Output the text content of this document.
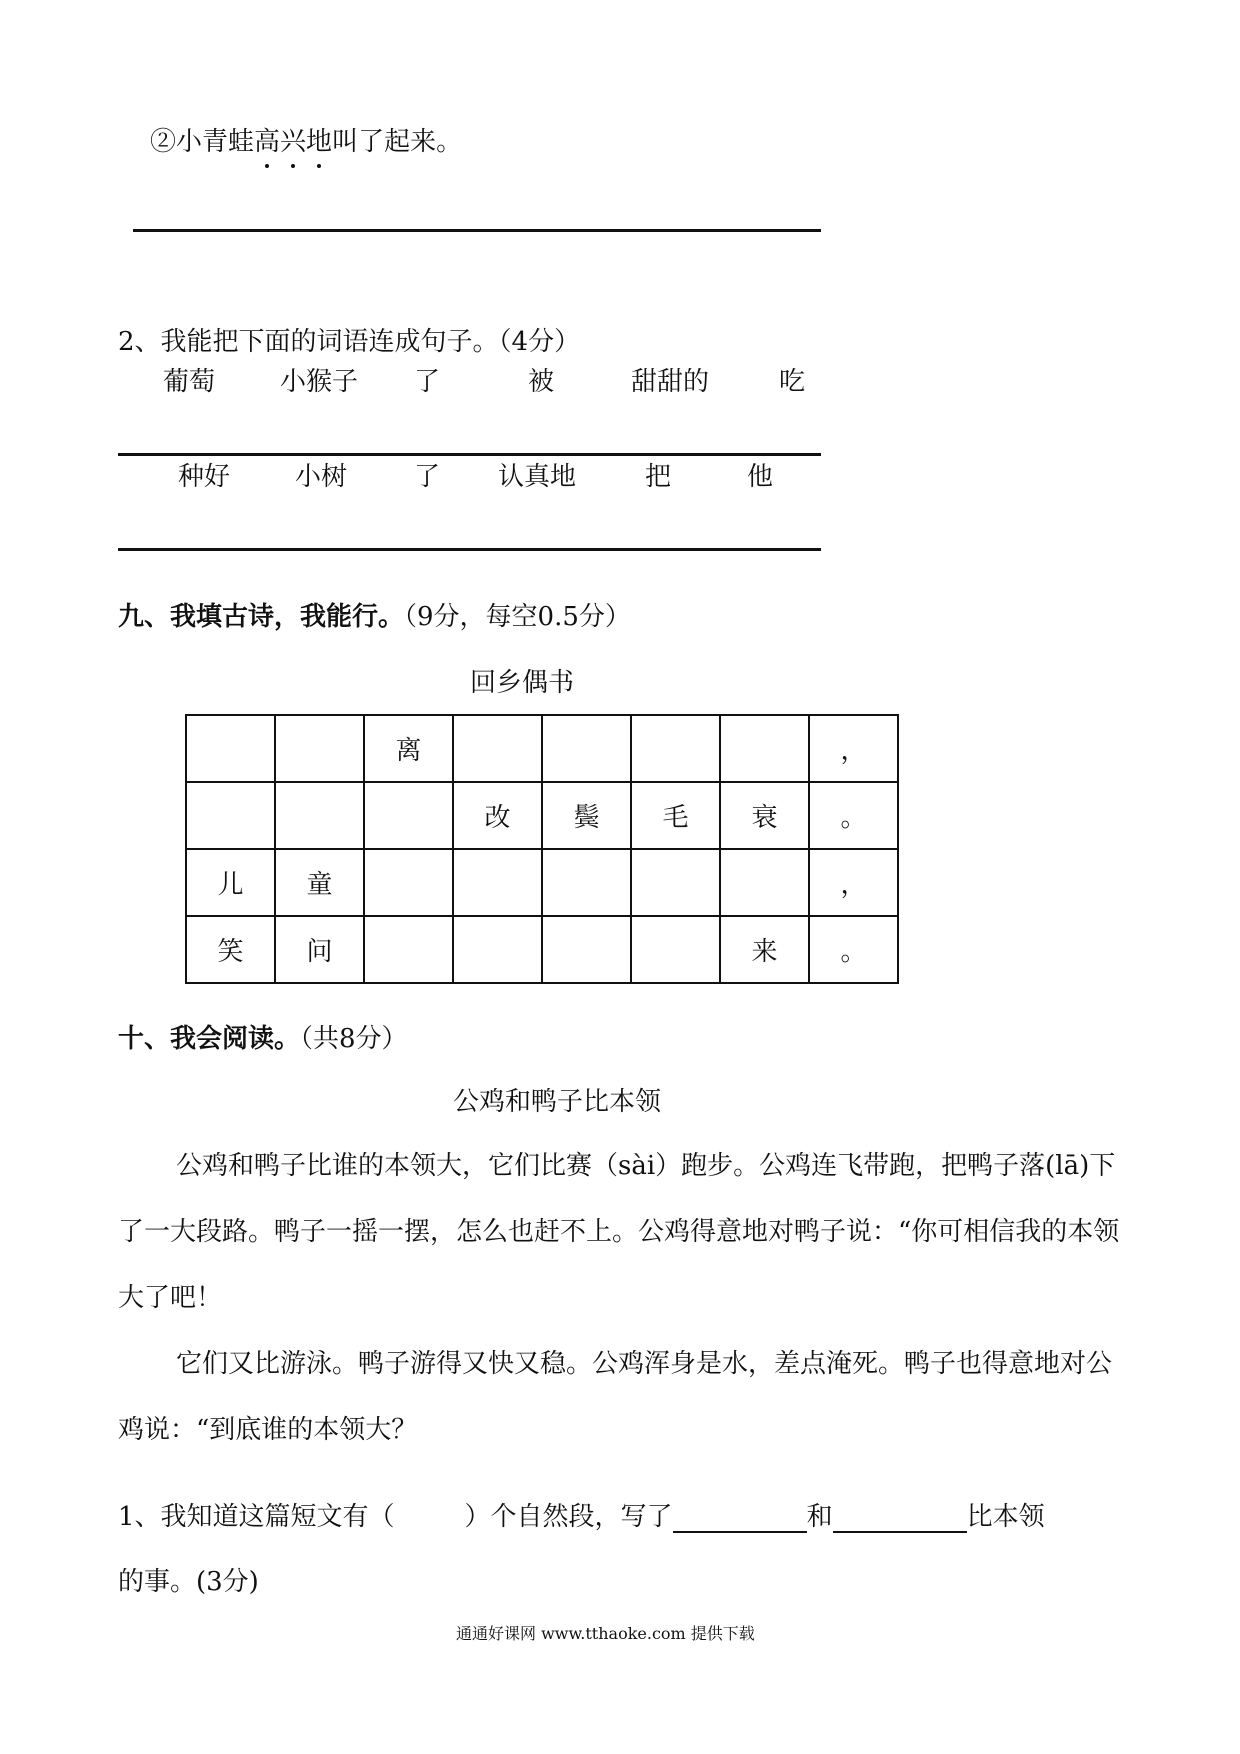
②小青蛙高兴地叫了起来。
2、我能把下面的词语连成句子。（4分）
葡萄 小猴子 了	被	甜甜的	吃
种好 小树	了 认真地	把	他
九、我填古诗，我能行。（9分，每空0.5分）
回乡偶书
		离					，
			改	鬓	毛	衰	。
儿	童						，
笑	问					来	。
十、我会阅读。（共8分）
公鸡和鸭子比本领
公鸡和鸭子比谁的本领大，它们比赛（sài）跑步。公鸡连飞带跑，把鸭子落(lā)下了一大段路。鸭子一摇一摆，怎么也赶不上。公鸡得意地对鸭子说：“你可相信我的本领大了吧！
它们又比游泳。鸭子游得又快又稳。公鸡浑身是水，差点淹死。鸭子也得意地对公鸡说：“到底谁的本领大？
1、我知道这篇短文有（	）个自然段，写了	和	比本领
的事。(3分)
通通好课网 www.tthaoke.com 提供下载
